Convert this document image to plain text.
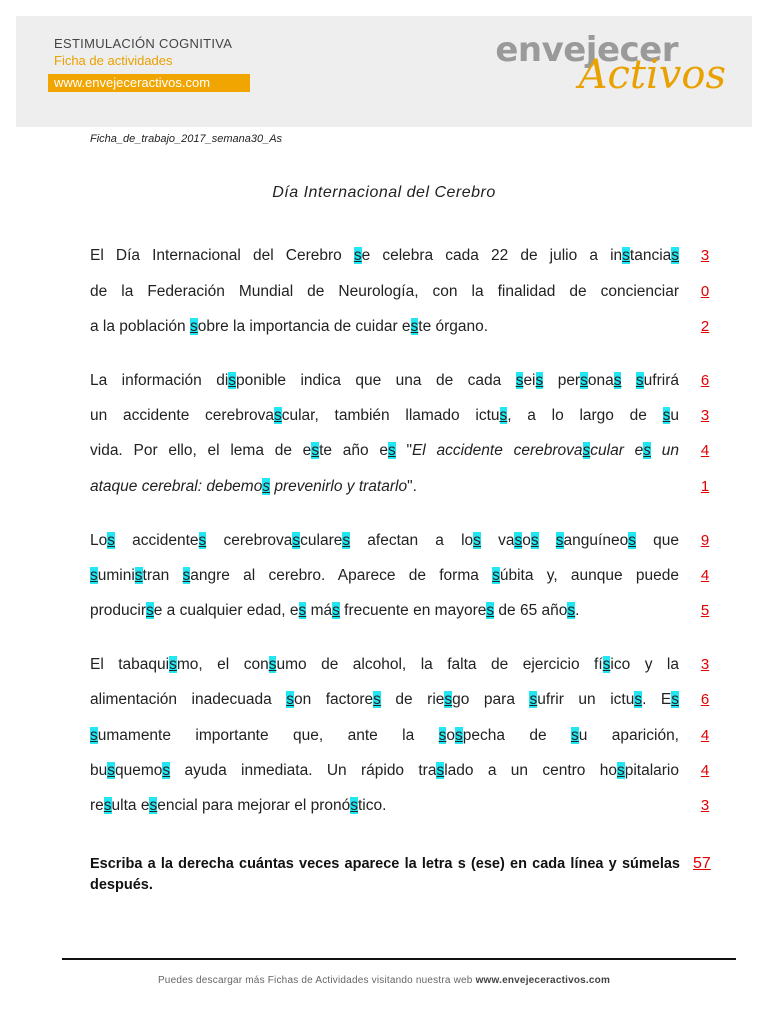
ESTIMULACIÓN COGNITIVA
Ficha de actividades
www.envejeceractivos.com
envejecer
Activos
Ficha_de_trabajo_2017_semana30_As
Día Internacional del Cerebro
El Día Internacional del Cerebro se celebra cada 22 de julio a instancias
de la Federación Mundial de Neurología, con la finalidad de concienciar
a la población sobre la importancia de cuidar este órgano.
La información disponible indica que una de cada seis personas sufrirá
un accidente cerebrovascular, también llamado ictus, a lo largo de su
vida. Por ello, el lema de este año es "El accidente cerebrovascular es un
ataque cerebral: debemos prevenirlo y tratarlo".
Los accidentes cerebrovasculares afectan a los vasos sanguíneos que
suministran sangre al cerebro. Aparece de forma súbita y, aunque puede
producirse a cualquier edad, es más frecuente en mayores de 65 años.
El tabaquismo, el consumo de alcohol, la falta de ejercicio físico y la
alimentación inadecuada son factores de riesgo para sufrir un ictus. Es
sumamente importante que, ante la sospecha de su aparición,
busquemos ayuda inmediata. Un rápido traslado a un centro hospitalario
resulta esencial para mejorar el pronóstico.
3
0
2
6
3
4
1
9
4
5
3
6
4
4
3
Escriba a la derecha cuántas veces aparece la letra s (ese) en cada línea y súmelas después.
57
Puedes descargar más Fichas de Actividades visitando nuestra web www.envejeceractivos.com
